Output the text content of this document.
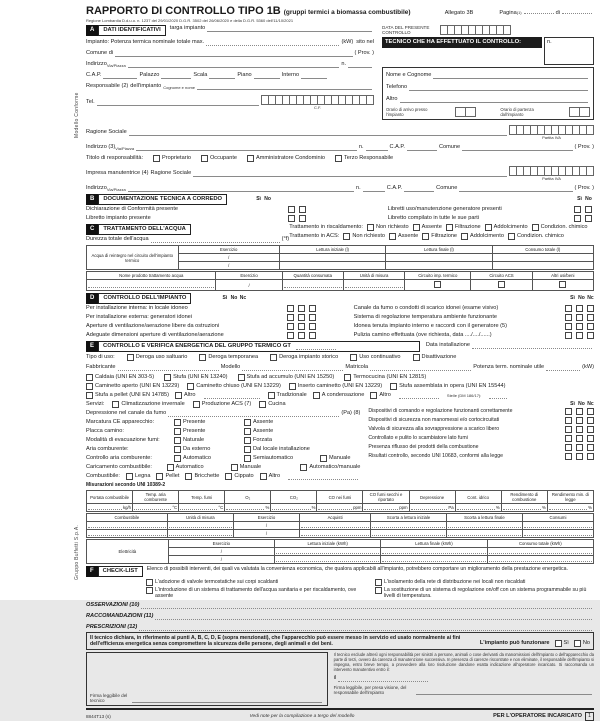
Modello Conforme
Gruppo Buffetti S.p.A.
RAPPORTO DI CONTROLLO TIPO 1B (gruppi termici a biomassa combustibile)	Allegato 3B	Pagina (1)	di
Regione Lombardia D.d.u.o. n. 1237 del 29/01/2020 D.G.R. 3502 del 26/06/2020 e della D.G.R. 5360 dell'11/10/2021
A	DATI IDENTIFICATIVI	targa impianto
Impianto: Potenza termica nominale totale max.	(kW) sito nel
Comune di	( Prov. )
Indirizzo Via/Piazza	n.
C.A.P.	Palazzo	Scala	Piano	Interno
Responsabile (2) dell'impianto Cognome e nome
Tel.
C.F.
DATA DEL PRESENTE CONTROLLO
TECNICO CHE HA EFFETTUATO IL CONTROLLO:	n.
Nome e Cognome
Telefono
Altro
Orario di arrivo presso l'impianto
Orario di partenza dall'impianto
Ragione Sociale
Partita IVA
Indirizzo (3) Via/Piazza	n.	C.A.P.	Comune	( Prov. )
Titolo di responsabilità:	Proprietario	Occupante	Amministratore Condominio	Terzo Responsabile
Impresa manutentrice (4) Ragione Sociale
Partita IVA
Indirizzo Via/Piazza	n.	C.A.P.	Comune	( Prov. )
B	DOCUMENTAZIONE TECNICA A CORREDO	Sì No	Sì No
Dichiarazione di Conformità presente
Libretto impianto presente
Libretti uso/manutenzione generatore presenti
Libretto compilato in tutte le sue parti
C	TRATTAMENTO DELL'ACQUA
Durezza totale dell'acqua	(°f)
Trattamento in riscaldamento: Non richiesto Assente Filtrazione Addolcimento Condizion. chimico
Trattamento in ACS: Non richiesto Assente Filtrazione Addolcimento Condizion. chimico
Acqua di reintegro nel circuito dell'impianto termico	Esercizio	Lettura iniziale (l)	Lettura finale (l)	Consumo totale (l)
	/			
	/			
Nome prodotto trattamento acqua	Esercizio	Quantità consumata	Unità di misura	Circuito imp. termico	Circuito ACS	Altri usi/beni

	/	

D	CONTROLLO DELL'IMPIANTO	Sì No Nc	Sì No Nc
Per installazione interna: in locale idoneo
Per installazione esterna: generatori idonei
Aperture di ventilazione/aerazione libere da ostruzioni
Adeguate dimensioni aperture di ventilazione/aerazione
Canale da fumo o condotti di scarico idonei (esame visivo)
Sistema di regolazione temperatura ambiente funzionante
Idonea tenuta impianto interno e raccordi con il generatore (5)
Pulizia camino effettuata (ove richiesta, data ..../..../......)
E	CONTROLLO E VERIFICA ENERGETICA DEL GRUPPO TERMICO GT	Data installazione
Tipo di uso:	Deroga uso saltuario	Deroga temporanea	Deroga impianto storico	Uso continuativo	Disattivazione
Fabbricante	Modello	Matricola	Potenza term. nominale utile	(kW)
Caldaia (UNI EN 303-5)	Stufa (UNI EN 13240)	Stufa ad accumulo (UNI EN 15250)	Termocucina (UNI EN 12815)
Caminetto aperto (UNI EN 13229)	Caminetto chiuso (UNI EN 13229)	Inserto caminetto (UNI EN 13229)	Stufa assemblata in opera (UNI EN 15544)
Stufa a pellet (UNI EN 14785)	Altro	Tradizionale	A condensazione	Altro	Stelle (DM 186/17):
Servizi:	Climatizzazione invernale	Produzione ACS (7)	Cucina
Depressione nel canale da fumo	(Pa) (8)
Marcatura CE apparecchio:	Presente	Assente
Placca camino:	Presente	Assente
Modalità di evacuazione fumi:	Naturale	Forzata
Aria comburente:	Da esterno	Dal locale installazione
Controllo aria comburente:	Automatico	Semiautomatico	Manuale
Caricamento combustibile:	Automatico	Manuale	Automatico/manuale
Combustibile:	Legna	Pellet	Bricchette	Cippato	Altro
Sì No Nc
Dispositivi di comando e regolazione funzionanti correttamente
Dispositivi di sicurezza non manomessi e/o cortocircuitati
Valvola di sicurezza alla sovrappressione a scarico libero
Controllato e pulito lo scambiatore lato fumi
Presenza riflusso dei prodotti della combustione
Risultati controllo, secondo UNI 10683, conformi alla legge
Misurazioni secondo UNI 10389-2
Portata combustibile	Temp. aria comburente	Temp. fumi	O₂	CO₂	CO nei fumi	CO fumi secchi e riportato	Depressione	Cont. idrico	Rendimento di combustione	Rendimento min. di legge

kg/h	°C	°C	%	%	ppm	ppm	Pa	%	%	%
Combustibile	Unità di misura	Esercizio	Acquisti	Scorta a lettura iniziale	Scorta a lettura finale	Consumi

	/	

	/	

Elettricità	Esercizio	Lettura iniziale (kWh)	Lettura finale (kWh)	Consumo totale (kWh)
	/	

	/	

F	CHECK-LIST	Elenco di possibili interventi, dei quali va valutata la convenienza economica, che qualora applicabili all'impianto, potrebbero comportare un miglioramento della prestazione energetica.
L'adozione di valvole termostatiche sui corpi scaldanti	L'isolamento della rete di distribuzione nei locali non riscaldati
L'introduzione di un sistema di trattamento dell'acqua sanitaria e per riscaldamento, ove assente
La sostituzione di un sistema di regolazione on/off con un sistema programmabile su più livelli di temperatura.
OSSERVAZIONI (10)
RACCOMANDAZIONI (11)
PRESCRIZIONI (12)
Il tecnico dichiara, in riferimento ai punti A, B, C, D, E (sopra menzionati), che l'apparecchio può essere messo in servizio ed usato normalmente ai fini dell'efficienza energetica senza compromettere la sicurezza delle persone, degli animali e dei beni.	L'impianto può funzionare	Sì	No
Firma leggibile del tecnico
Il tecnico esclude altresì ogni responsabilità per sinistri a persone, animali o cose derivanti da manomissioni dell'impianto o dell'apparecchio da parte di terzi, ovvero da carenza di manutenzione successiva. In presenza di carenze riscontrate e non eliminate, il responsabile dell'impianto si impegna, entro breve tempo, a provvedere alla loro risoluzione dandone esatta indicazione all'operatore incaricato. Si raccomanda un intervento manutentivo entro il:
il
Firma leggibile, per presa visione, del responsabile dell'impianto
8844T13 (s)	Vedi note per la compilazione a tergo del modello	PER L'OPERATORE INCARICATO	1
